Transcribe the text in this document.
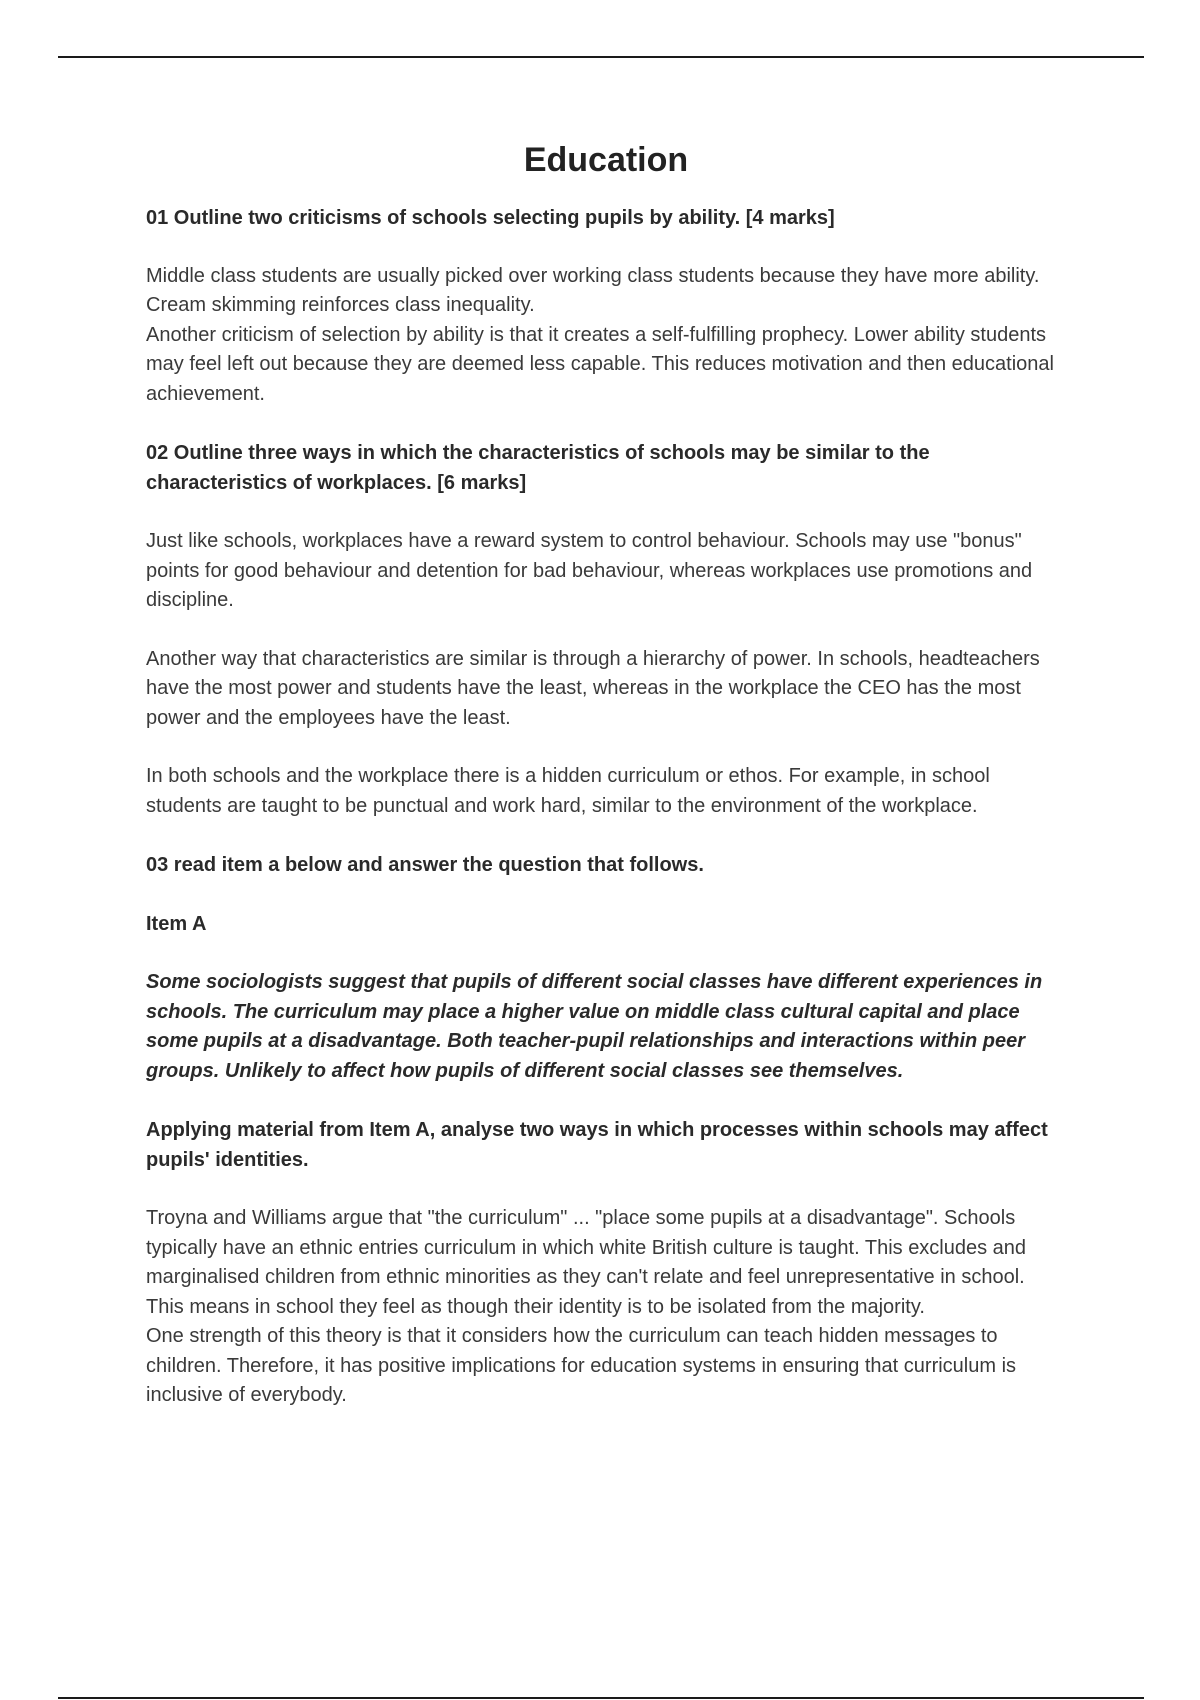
Education
01 Outline two criticisms of schools selecting pupils by ability. [4 marks]
Middle class students are usually picked over working class students because they have more ability. Cream skimming reinforces class inequality.
Another criticism of selection by ability is that it creates a self-fulfilling prophecy. Lower ability students may feel left out because they are deemed less capable. This reduces motivation and then educational achievement.
02 Outline three ways in which the characteristics of schools may be similar to the characteristics of workplaces. [6 marks]
Just like schools, workplaces have a reward system to control behaviour. Schools may use "bonus" points for good behaviour and detention for bad behaviour, whereas workplaces use promotions and discipline.
Another way that characteristics are similar is through a hierarchy of power. In schools, headteachers have the most power and students have the least, whereas in the workplace the CEO has the most power and the employees have the least.
In both schools and the workplace there is a hidden curriculum or ethos. For example, in school students are taught to be punctual and work hard, similar to the environment of the workplace.
03 read item a below and answer the question that follows.
Item A
Some sociologists suggest that pupils of different social classes have different experiences in schools. The curriculum may place a higher value on middle class cultural capital and place some pupils at a disadvantage. Both teacher-pupil relationships and interactions within peer groups. Unlikely to affect how pupils of different social classes see themselves.
Applying material from Item A, analyse two ways in which processes within schools may affect pupils' identities.
Troyna and Williams argue that "the curriculum" ... "place some pupils at a disadvantage". Schools typically have an ethnic entries curriculum in which white British culture is taught. This excludes and marginalised children from ethnic minorities as they can't relate and feel unrepresentative in school. This means in school they feel as though their identity is to be isolated from the majority.
One strength of this theory is that it considers how the curriculum can teach hidden messages to children. Therefore, it has positive implications for education systems in ensuring that curriculum is inclusive of everybody.
